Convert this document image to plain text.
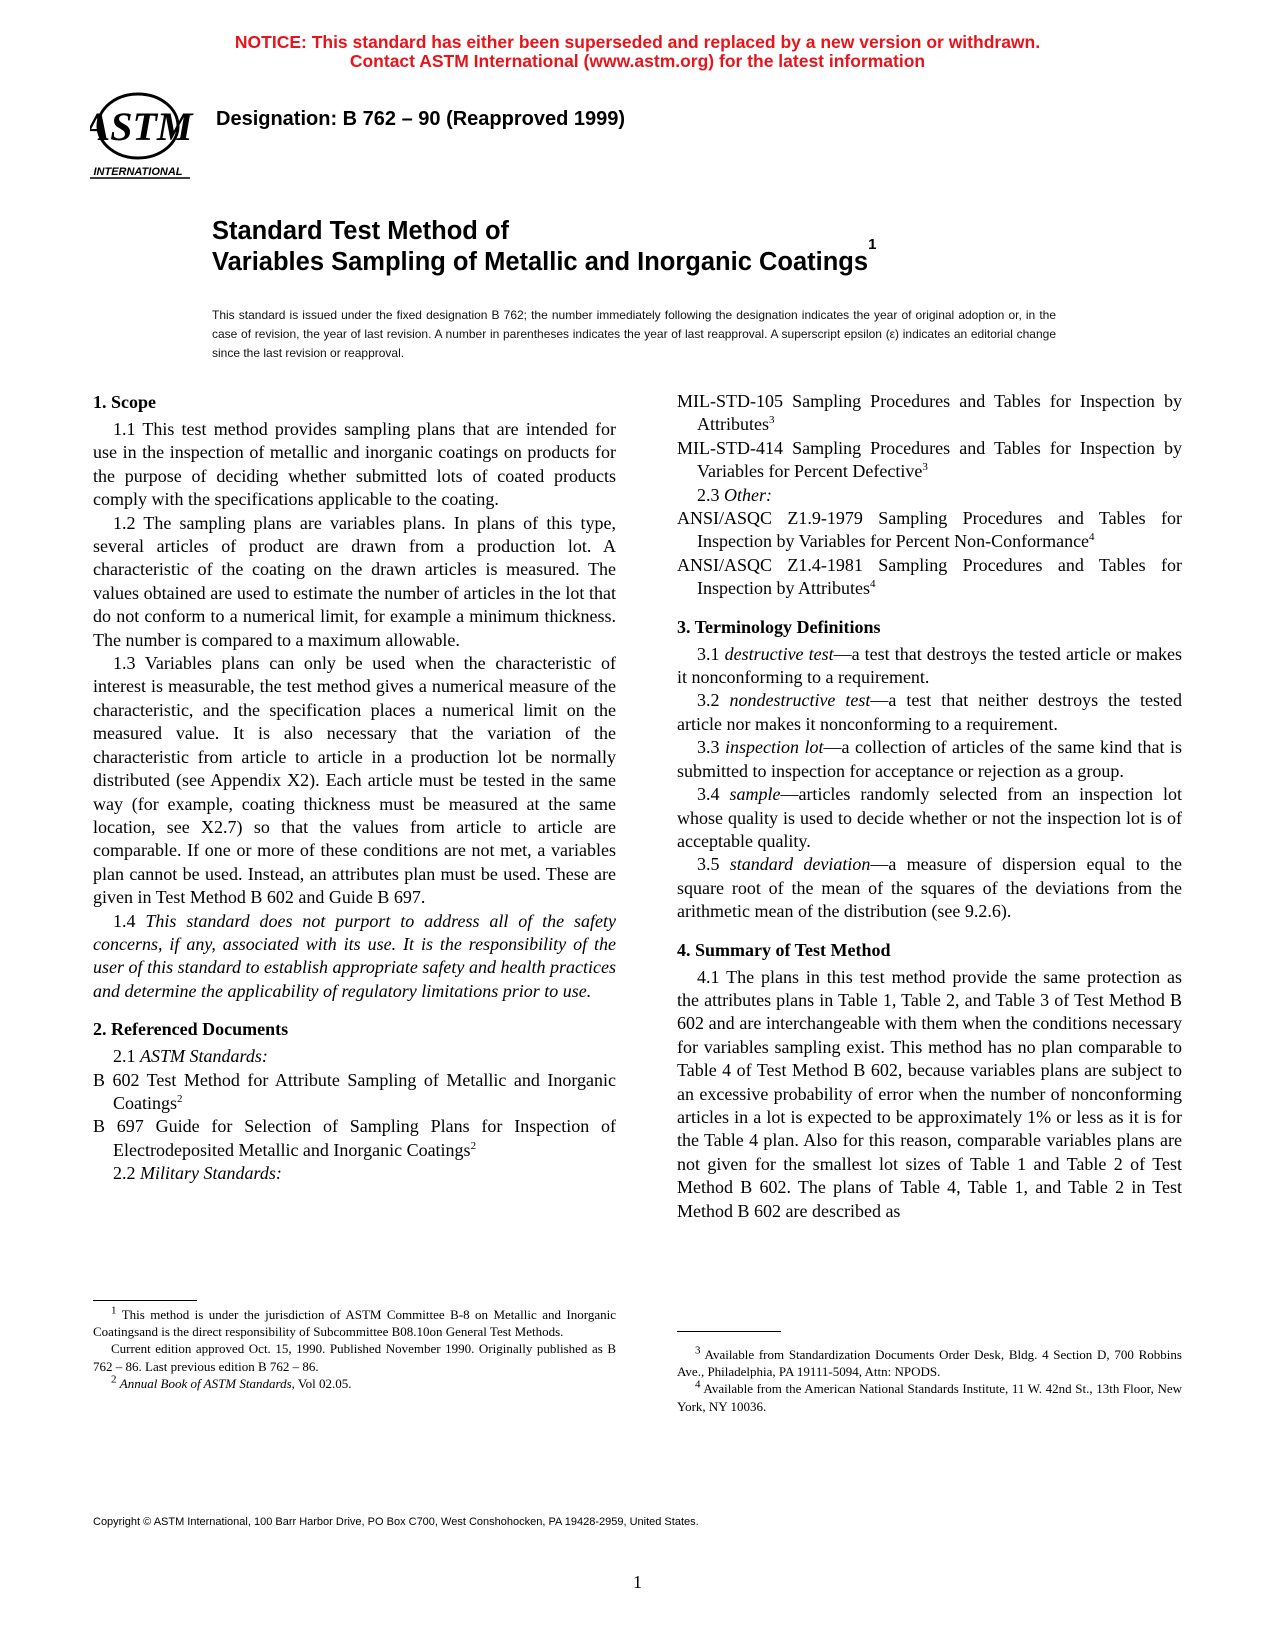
NOTICE: This standard has either been superseded and replaced by a new version or withdrawn.
Contact ASTM International (www.astm.org) for the latest information
ASTM
INTERNATIONAL
Designation: B 762 – 90 (Reapproved 1999)
Standard Test Method of
Variables Sampling of Metallic and Inorganic Coatings$^1$
This standard is issued under the fixed designation B 762; the number immediately following the designation indicates the year of original adoption or, in the case of revision, the year of last revision. A number in parentheses indicates the year of last reapproval. A superscript epsilon (ε) indicates an editorial change since the last revision or reapproval.
1. Scope

1.1 This test method provides sampling plans that are intended for use in the inspection of metallic and inorganic coatings on products for the purpose of deciding whether submitted lots of coated products comply with the specifications applicable to the coating.

1.2 The sampling plans are variables plans. In plans of this type, several articles of product are drawn from a production lot. A characteristic of the coating on the drawn articles is measured. The values obtained are used to estimate the number of articles in the lot that do not conform to a numerical limit, for example a minimum thickness. The number is compared to a maximum allowable.

1.3 Variables plans can only be used when the characteristic of interest is measurable, the test method gives a numerical measure of the characteristic, and the specification places a numerical limit on the measured value. It is also necessary that the variation of the characteristic from article to article in a production lot be normally distributed (see Appendix X2). Each article must be tested in the same way (for example, coating thickness must be measured at the same location, see X2.7) so that the values from article to article are comparable. If one or more of these conditions are not met, a variables plan cannot be used. Instead, an attributes plan must be used. These are given in Test Method B 602 and Guide B 697.

1.4 This standard does not purport to address all of the safety concerns, if any, associated with its use. It is the responsibility of the user of this standard to establish appropriate safety and health practices and determine the applicability of regulatory limitations prior to use.

2. Referenced Documents

2.1 ASTM Standards:

B 602 Test Method for Attribute Sampling of Metallic and Inorganic Coatings$^2$

B 697 Guide for Selection of Sampling Plans for Inspection of Electrodeposited Metallic and Inorganic Coatings$^2$

2.2 Military Standards:

MIL-STD-105 Sampling Procedures and Tables for Inspection by Attributes$^3$

MIL-STD-414 Sampling Procedures and Tables for Inspection by Variables for Percent Defective$^3$

2.3 Other:

ANSI/ASQC Z1.9-1979 Sampling Procedures and Tables for Inspection by Variables for Percent Non-Conformance$^4$

ANSI/ASQC Z1.4-1981 Sampling Procedures and Tables for Inspection by Attributes$^4$

3. Terminology Definitions

3.1 destructive test—a test that destroys the tested article or makes it nonconforming to a requirement.

3.2 nondestructive test—a test that neither destroys the tested article nor makes it nonconforming to a requirement.

3.3 inspection lot—a collection of articles of the same kind that is submitted to inspection for acceptance or rejection as a group.

3.4 sample—articles randomly selected from an inspection lot whose quality is used to decide whether or not the inspection lot is of acceptable quality.

3.5 standard deviation—a measure of dispersion equal to the square root of the mean of the squares of the deviations from the arithmetic mean of the distribution (see 9.2.6).

4. Summary of Test Method

4.1 The plans in this test method provide the same protection as the attributes plans in Table 1, Table 2, and Table 3 of Test Method B 602 and are interchangeable with them when the conditions necessary for variables sampling exist. This method has no plan comparable to Table 4 of Test Method B 602, because variables plans are subject to an excessive probability of error when the number of nonconforming articles in a lot is expected to be approximately 1% or less as it is for the Table 4 plan. Also for this reason, comparable variables plans are not given for the smallest lot sizes of Table 1 and Table 2 of Test Method B 602. The plans of Table 4, Table 1, and Table 2 in Test Method B 602 are described as

$^1$ This method is under the jurisdiction of ASTM Committee B-8 on Metallic and Inorganic Coatingsand is the direct responsibility of Subcommittee B08.10on General Test Methods.

Current edition approved Oct. 15, 1990. Published November 1990. Originally published as B 762 – 86. Last previous edition B 762 – 86.

$^2$ Annual Book of ASTM Standards, Vol 02.05.

$^3$ Available from Standardization Documents Order Desk, Bldg. 4 Section D, 700 Robbins Ave., Philadelphia, PA 19111-5094, Attn: NPODS.

$^4$ Available from the American National Standards Institute, 11 W. 42nd St., 13th Floor, New York, NY 10036.

Copyright © ASTM International, 100 Barr Harbor Drive, PO Box C700, West Conshohocken, PA 19428-2959, United States.
1
